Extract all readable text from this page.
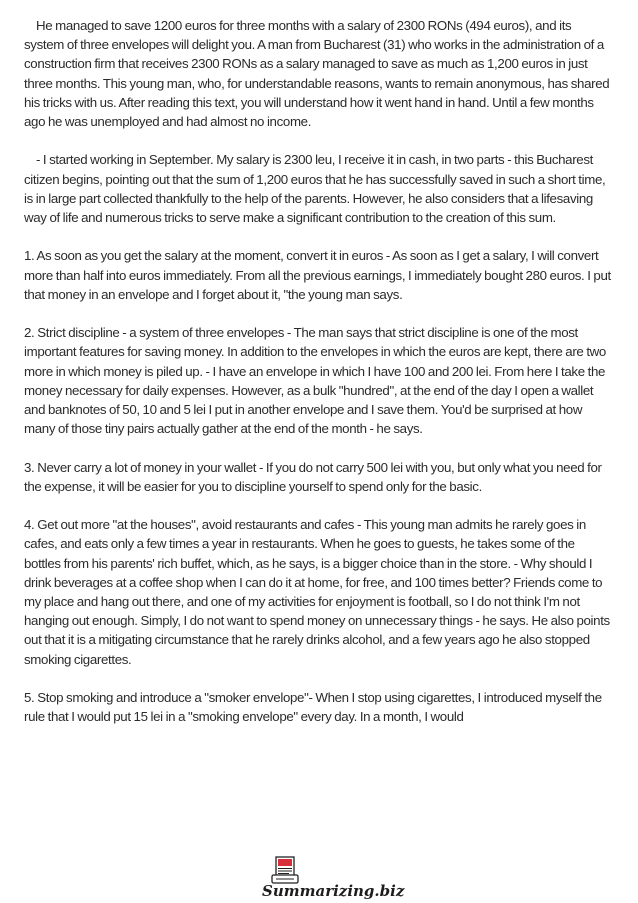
He managed to save 1200 euros for three months with a salary of 2300 RONs (494 euros), and its system of three envelopes will delight you. A man from Bucharest (31) who works in the administration of a construction firm that receives 2300 RONs as a salary managed to save as much as 1,200 euros in just three months. This young man, who, for understandable reasons, wants to remain anonymous, has shared his tricks with us. After reading this text, you will understand how it went hand in hand. Until a few months ago he was unemployed and had almost no income.

- I started working in September. My salary is 2300 leu, I receive it in cash, in two parts - this Bucharest citizen begins, pointing out that the sum of 1,200 euros that he has successfully saved in such a short time, is in large part collected thankfully to the help of the parents. However, he also considers that a lifesaving way of life and numerous tricks to serve make a significant contribution to the creation of this sum.

1. As soon as you get the salary at the moment, convert it in euros - As soon as I get a salary, I will convert more than half into euros immediately. From all the previous earnings, I immediately bought 280 euros. I put that money in an envelope and I forget about it, "the young man says.

2. Strict discipline - a system of three envelopes - The man says that strict discipline is one of the most important features for saving money. In addition to the envelopes in which the euros are kept, there are two more in which money is piled up. - I have an envelope in which I have 100 and 200 lei. From here I take the money necessary for daily expenses. However, as a bulk "hundred", at the end of the day I open a wallet and banknotes of 50, 10 and 5 lei I put in another envelope and I save them. You'd be surprised at how many of those tiny pairs actually gather at the end of the month - he says.

3. Never carry a lot of money in your wallet - If you do not carry 500 lei with you, but only what you need for the expense, it will be easier for you to discipline yourself to spend only for the basic.

4. Get out more "at the houses", avoid restaurants and cafes - This young man admits he rarely goes in cafes, and eats only a few times a year in restaurants. When he goes to guests, he takes some of the bottles from his parents' rich buffet, which, as he says, is a bigger choice than in the store. - Why should I drink beverages at a coffee shop when I can do it at home, for free, and 100 times better? Friends come to my place and hang out there, and one of my activities for enjoyment is football, so I do not think I'm not hanging out enough. Simply, I do not want to spend money on unnecessary things - he says. He also points out that it is a mitigating circumstance that he rarely drinks alcohol, and a few years ago he also stopped smoking cigarettes.

5. Stop smoking and introduce a "smoker envelope"- When I stop using cigarettes, I introduced myself the rule that I would put 15 lei in a "smoking envelope" every day. In a month, I would

Summarizing.biz
